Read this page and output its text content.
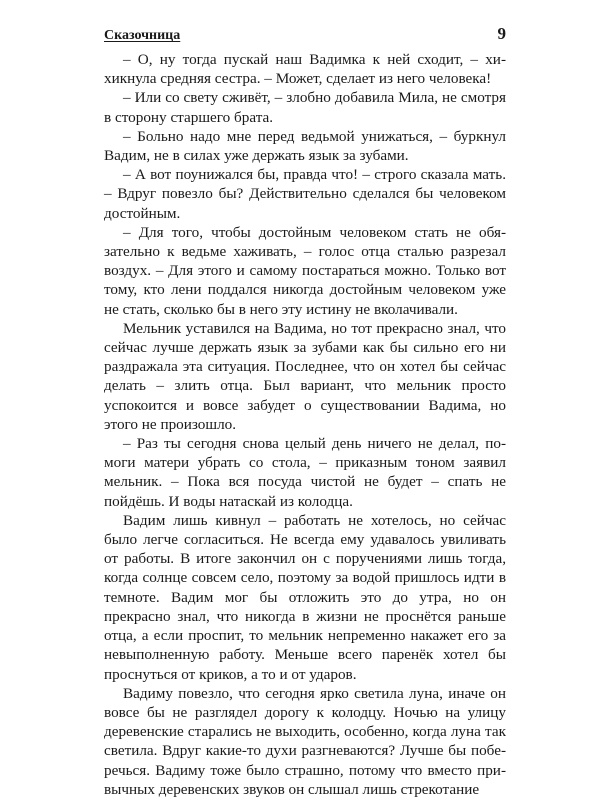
Сказочница	9

– О, ну тогда пускай наш Вадимка к ней сходит, – хихикнула средняя сестра. – Может, сделает из него человека!

– Или со свету сживёт, – злобно добавила Мила, не смотря в сторону старшего брата.

– Больно надо мне перед ведьмой унижаться, – буркнул Вадим, не в силах уже держать язык за зубами.

– А вот поунижался бы, правда что! – строго сказала мать. – Вдруг повезло бы? Действительно сделался бы человеком достойным.

– Для того, чтобы достойным человеком стать не обязательно к ведьме хаживать, – голос отца сталью разрезал воздух. – Для этого и самому постараться можно. Только вот тому, кто лени поддался никогда достойным человеком уже не стать, сколько бы в него эту истину не вколачивали.

Мельник уставился на Вадима, но тот прекрасно знал, что сейчас лучше держать язык за зубами как бы сильно его ни раздражала эта ситуация. Последнее, что он хотел бы сейчас делать – злить отца. Был вариант, что мельник просто успокоится и вовсе забудет о существовании Вадима, но этого не произошло.

– Раз ты сегодня снова целый день ничего не делал, помоги матери убрать со стола, – приказным тоном заявил мельник. – Пока вся посуда чистой не будет – спать не пойдёшь. И воды натаскай из колодца.

Вадим лишь кивнул – работать не хотелось, но сейчас было легче согласиться. Не всегда ему удавалось увиливать от работы. В итоге закончил он с поручениями лишь тогда, когда солнце совсем село, поэтому за водой пришлось идти в темноте. Вадим мог бы отложить это до утра, но он прекрасно знал, что никогда в жизни не проснётся раньше отца, а если проспит, то мельник непременно накажет его за невыполненную работу. Меньше всего паренёк хотел бы проснуться от криков, а то и от ударов.

Вадиму повезло, что сегодня ярко светила луна, иначе он вовсе бы не разглядел дорогу к колодцу. Ночью на улицу деревенские старались не выходить, особенно, когда луна так светила. Вдруг какие-то духи разгневаются? Лучше бы поберечься. Вадиму тоже было страшно, потому что вместо привычных деревенских звуков он слышал лишь стрекотание
